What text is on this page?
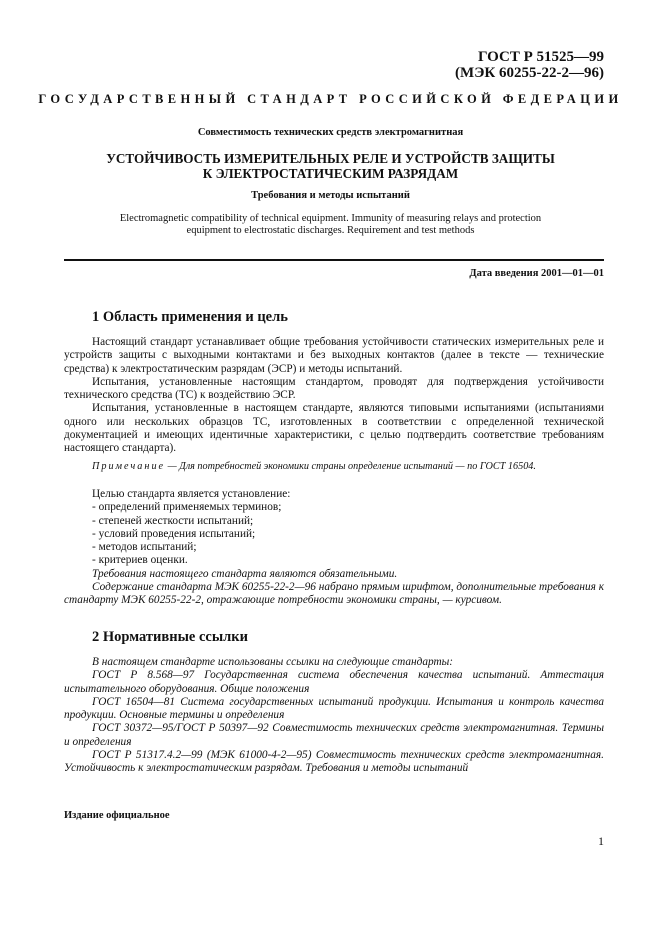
ГОСТ Р 51525—99
(МЭК 60255-22-2—96)
ГОСУДАРСТВЕННЫЙ СТАНДАРТ РОССИЙСКОЙ ФЕДЕРАЦИИ
Совместимость технических средств электромагнитная
УСТОЙЧИВОСТЬ ИЗМЕРИТЕЛЬНЫХ РЕЛЕ И УСТРОЙСТВ ЗАЩИТЫ
К ЭЛЕКТРОСТАТИЧЕСКИМ РАЗРЯДАМ
Требования и методы испытаний
Electromagnetic compatibility of technical equipment. Immunity of measuring relays and protection
equipment to electrostatic discharges. Requirement and test methods
Дата введения 2001—01—01
1 Область применения и цель

Настоящий стандарт устанавливает общие требования устойчивости статических измерительных реле и устройств защиты с выходными контактами и без выходных контактов (далее в тексте — технические средства) к электростатическим разрядам (ЭСР) и методы испытаний.

Испытания, установленные настоящим стандартом, проводят для подтверждения устойчивости технического средства (ТС) к воздействию ЭСР.

Испытания, установленные в настоящем стандарте, являются типовыми испытаниями (испытаниями одного или нескольких образцов ТС, изготовленных в соответствии с определенной технической документацией и имеющих идентичные характеристики, с целью подтвердить соответствие требованиям настоящего стандарта).

Примечание — Для потребностей экономики страны определение испытаний — по ГОСТ 16504.

Целью стандарта является установление:

- определений применяемых терминов;

- степеней жесткости испытаний;

- условий проведения испытаний;

- методов испытаний;

- критериев оценки.

Требования настоящего стандарта являются обязательными.

Содержание стандарта МЭК 60255-22-2—96 набрано прямым шрифтом, дополнительные требования к стандарту МЭК 60255-22-2, отражающие потребности экономики страны, — курсивом.

2 Нормативные ссылки

В настоящем стандарте использованы ссылки на следующие стандарты:

ГОСТ Р 8.568—97 Государственная система обеспечения качества испытаний. Аттестация испытательного оборудования. Общие положения

ГОСТ 16504—81 Система государственных испытаний продукции. Испытания и контроль качества продукции. Основные термины и определения

ГОСТ 30372—95/ГОСТ Р 50397—92 Совместимость технических средств электромагнитная. Термины и определения

ГОСТ Р 51317.4.2—99 (МЭК 61000-4-2—95) Совместимость технических средств электромагнитная. Устойчивость к электростатическим разрядам. Требования и методы испытаний

Издание официальное
1
